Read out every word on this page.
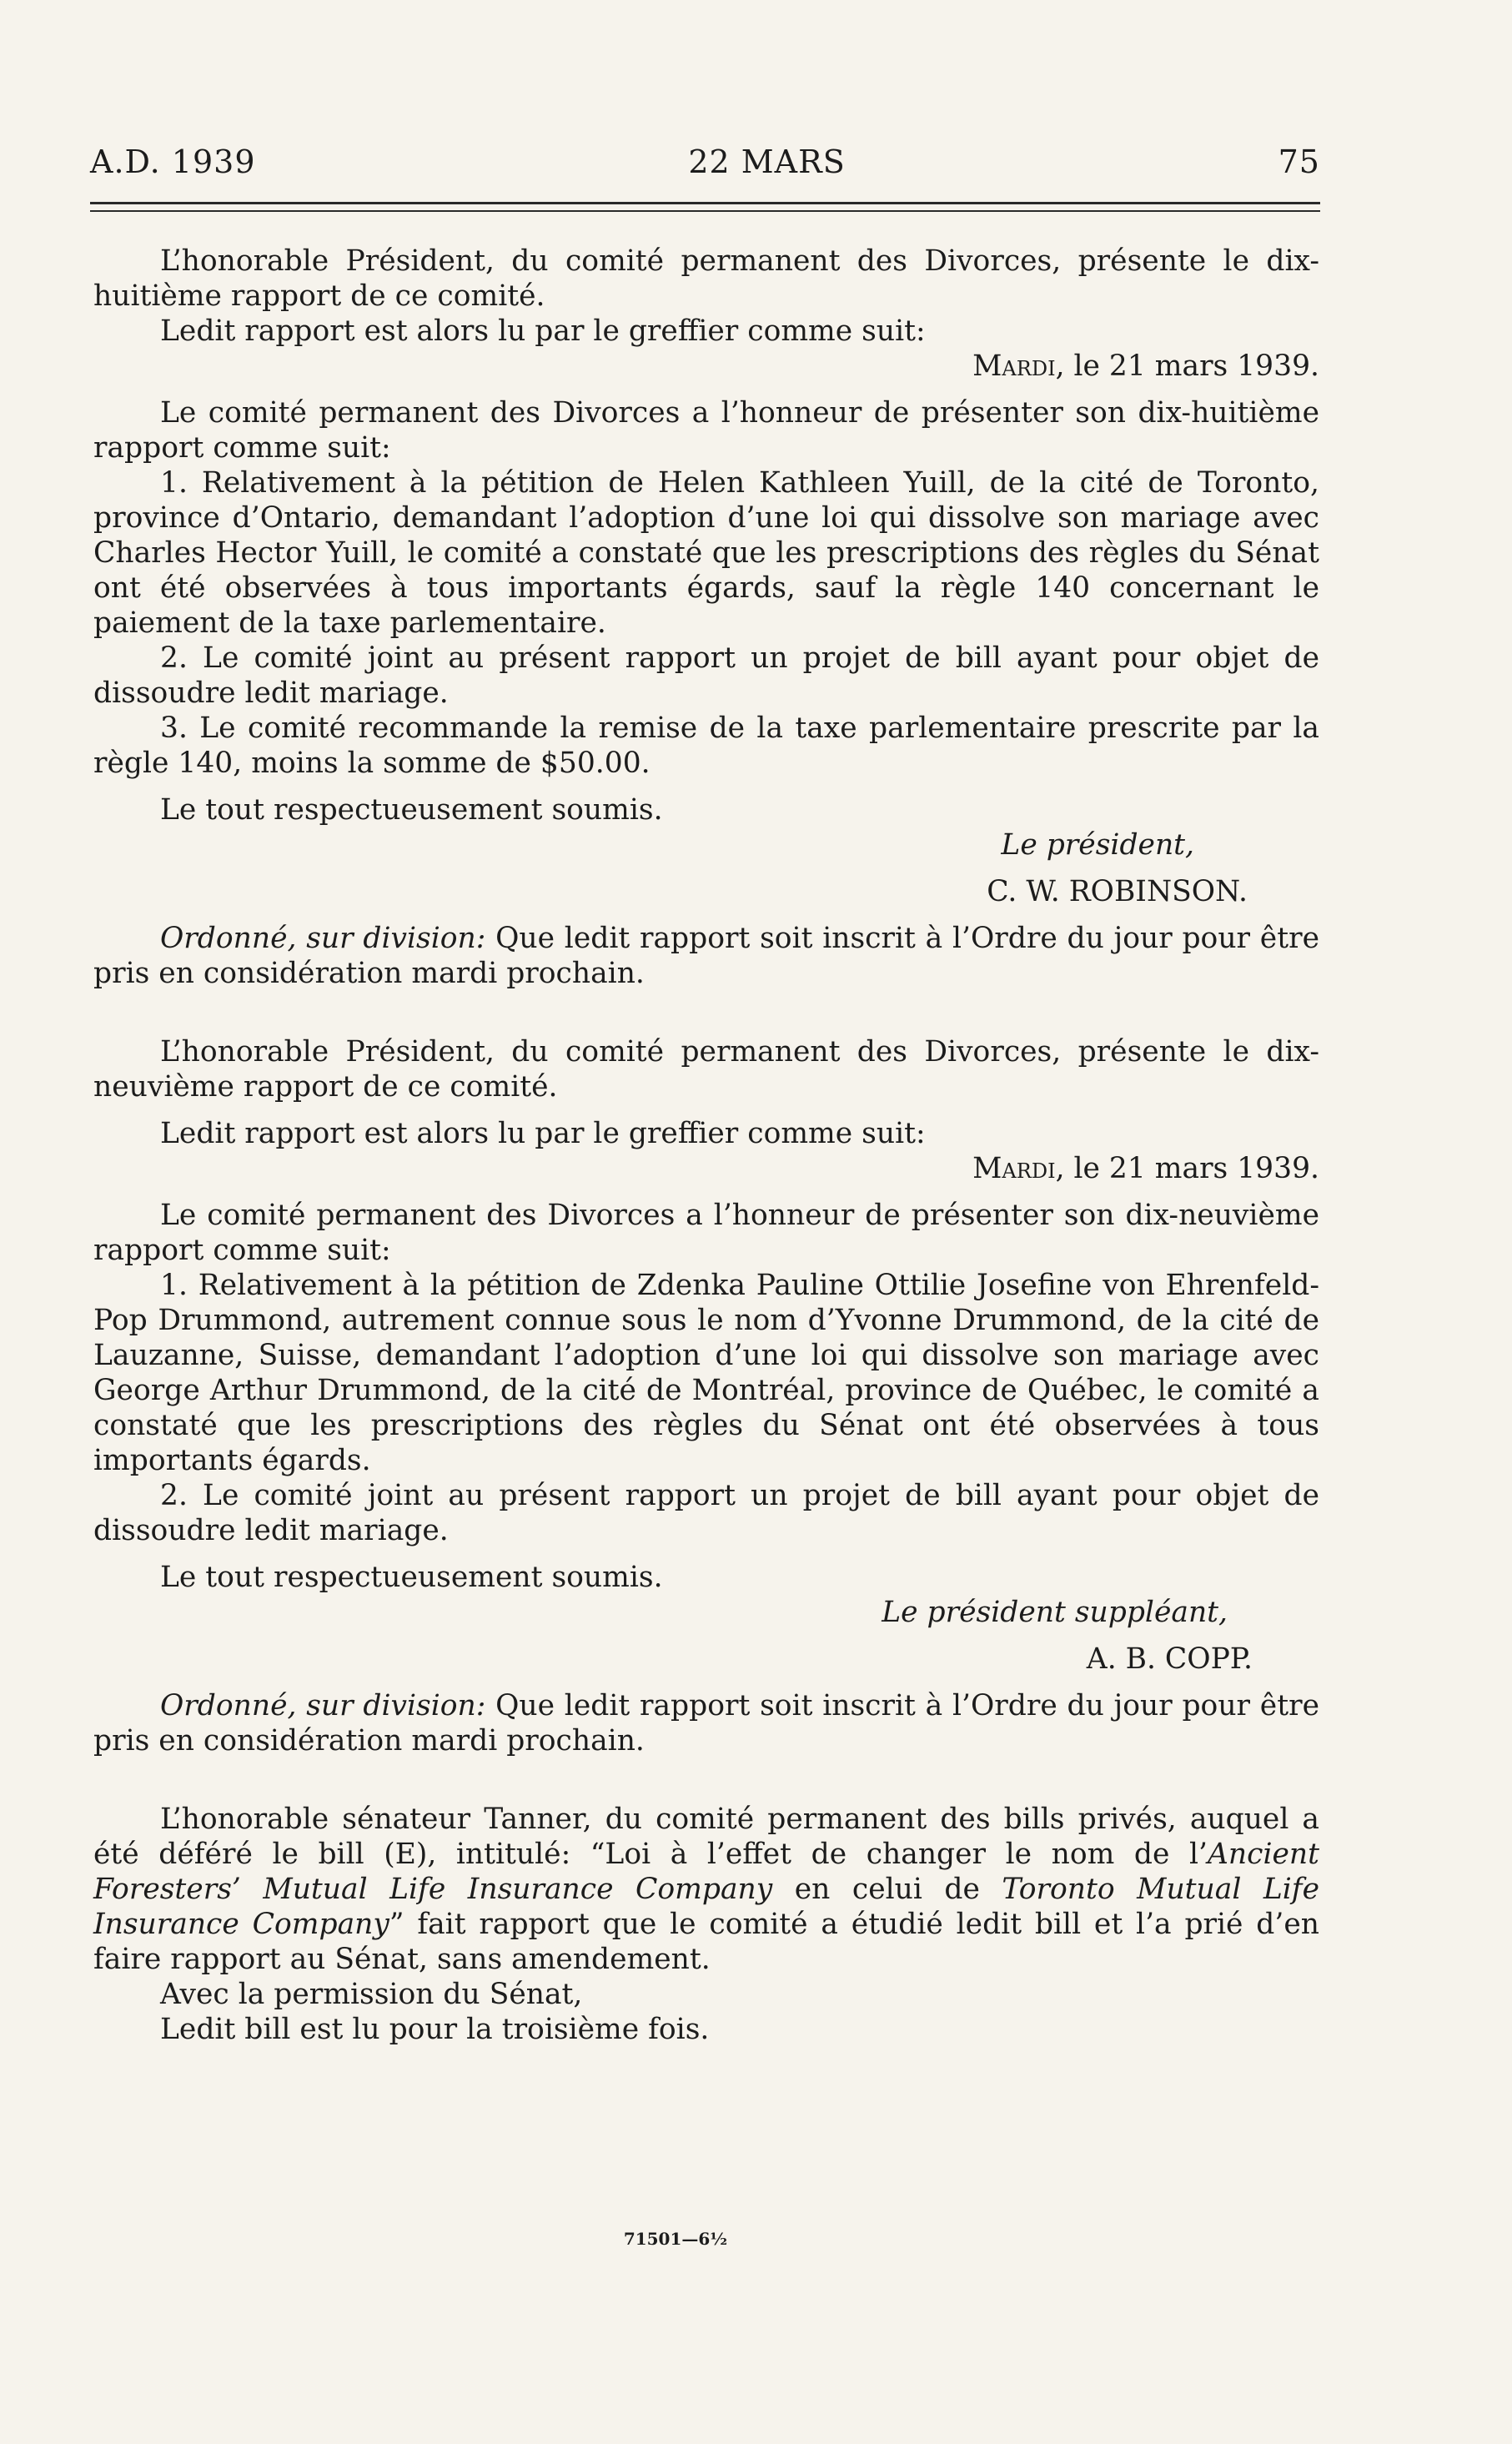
A.D. 1939	22 MARS	75

L’honorable Président, du comité permanent des Divorces, présente le dix-huitième rapport de ce comité.

Ledit rapport est alors lu par le greffier comme suit:

Mardi, le 21 mars 1939.

Le comité permanent des Divorces a l’honneur de présenter son dix-huitième rapport comme suit:

1. Relativement à la pétition de Helen Kathleen Yuill, de la cité de Toronto, province d’Ontario, demandant l’adoption d’une loi qui dissolve son mariage avec Charles Hector Yuill, le comité a constaté que les prescriptions des règles du Sénat ont été observées à tous importants égards, sauf la règle 140 concernant le paiement de la taxe parlementaire.

2. Le comité joint au présent rapport un projet de bill ayant pour objet de dissoudre ledit mariage.

3. Le comité recommande la remise de la taxe parlementaire prescrite par la règle 140, moins la somme de $50.00.

Le tout respectueusement soumis.

Le président,

C. W. ROBINSON.

Ordonné, sur division: Que ledit rapport soit inscrit à l’Ordre du jour pour être pris en considération mardi prochain.

L’honorable Président, du comité permanent des Divorces, présente le dix-neuvième rapport de ce comité.

Ledit rapport est alors lu par le greffier comme suit:

Mardi, le 21 mars 1939.

Le comité permanent des Divorces a l’honneur de présenter son dix-neuvième rapport comme suit:

1. Relativement à la pétition de Zdenka Pauline Ottilie Josefine von Ehrenfeld-Pop Drummond, autrement connue sous le nom d’Yvonne Drummond, de la cité de Lauzanne, Suisse, demandant l’adoption d’une loi qui dissolve son mariage avec George Arthur Drummond, de la cité de Montréal, province de Québec, le comité a constaté que les prescriptions des règles du Sénat ont été observées à tous importants égards.

2. Le comité joint au présent rapport un projet de bill ayant pour objet de dissoudre ledit mariage.

Le tout respectueusement soumis.

Le président suppléant,

A. B. COPP.

Ordonné, sur division: Que ledit rapport soit inscrit à l’Ordre du jour pour être pris en considération mardi prochain.

L’honorable sénateur Tanner, du comité permanent des bills privés, auquel a été déféré le bill (E), intitulé: “Loi à l’effet de changer le nom de l’Ancient Foresters’ Mutual Life Insurance Company en celui de Toronto Mutual Life Insurance Company” fait rapport que le comité a étudié ledit bill et l’a prié d’en faire rapport au Sénat, sans amendement.

Avec la permission du Sénat,

Ledit bill est lu pour la troisième fois.

71501—6½
